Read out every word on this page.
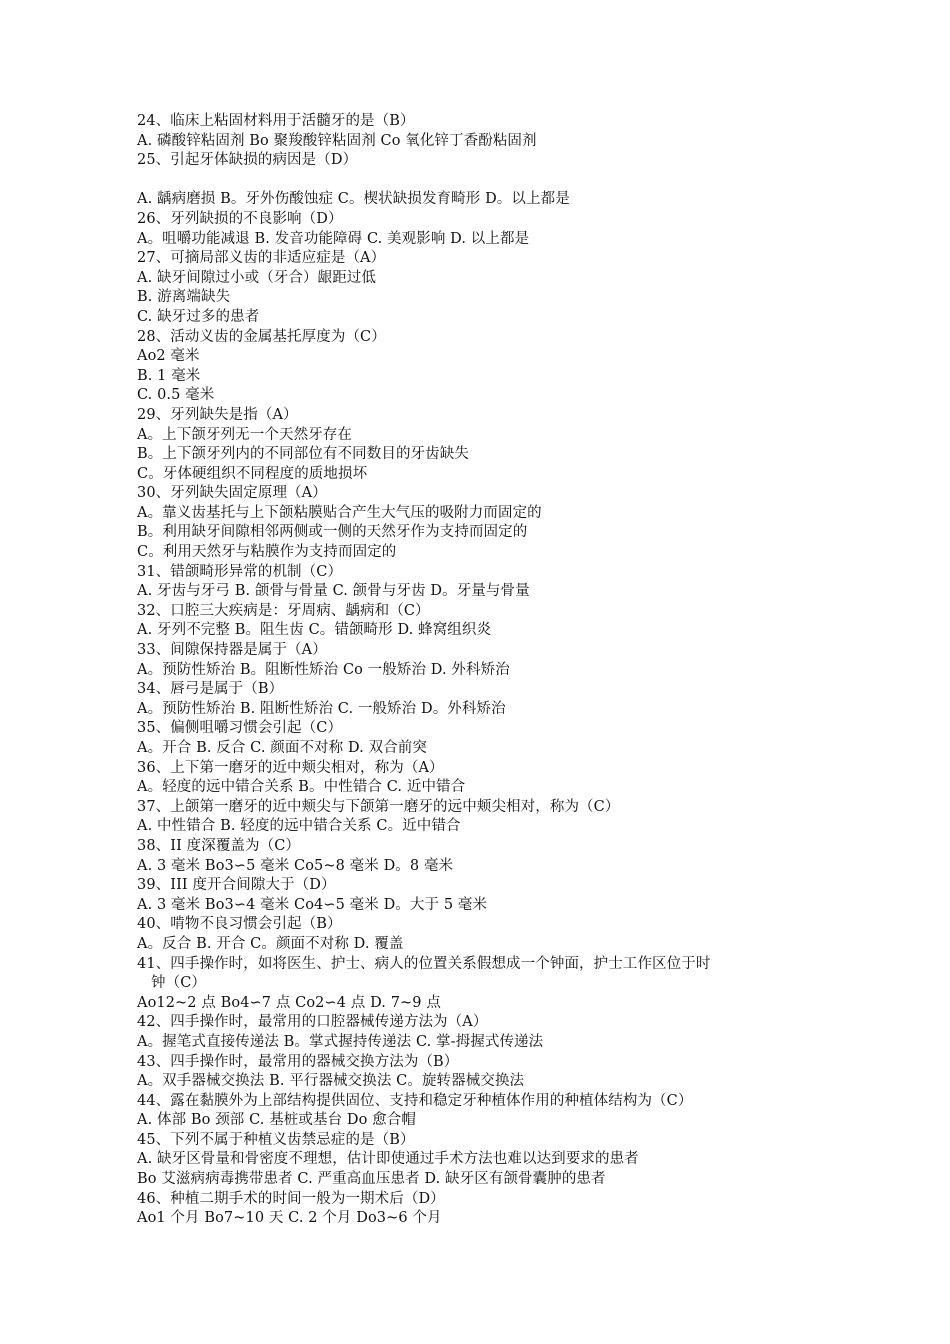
24、临床上粘固材料用于活髓牙的是（B）
A. 磷酸锌粘固剂 Bo 聚羧酸锌粘固剂 Co 氧化锌丁香酚粘固剂
25、引起牙体缺损的病因是（D）
A. 龋病磨损 B。牙外伤酸蚀症 C。楔状缺损发育畸形 D。以上都是
26、牙列缺损的不良影响（D）
A。咀嚼功能减退 B. 发音功能障碍 C. 美观影响 D. 以上都是
27、可摘局部义齿的非适应症是（A）
A. 缺牙间隙过小或（牙合）龈距过低
B. 游离端缺失
C. 缺牙过多的患者
28、活动义齿的金属基托厚度为（C）
Ao2 毫米
B. 1 毫米
C. 0.5 毫米
29、牙列缺失是指（A）
A。上下颌牙列无一个天然牙存在
B。上下颌牙列内的不同部位有不同数目的牙齿缺失
C。牙体硬组织不同程度的质地损坏
30、牙列缺失固定原理（A）
A。靠义齿基托与上下颌粘膜贴合产生大气压的吸附力而固定的
B。利用缺牙间隙相邻两侧或一侧的天然牙作为支持而固定的
C。利用天然牙与粘膜作为支持而固定的
31、错颌畸形异常的机制（C）
A. 牙齿与牙弓 B. 颌骨与骨量 C. 颌骨与牙齿 D。牙量与骨量
32、口腔三大疾病是：牙周病、龋病和（C）
A. 牙列不完整 B。阻生齿 C。错颌畸形 D. 蜂窝组织炎
33、间隙保持器是属于（A）
A。预防性矫治 B。阻断性矫治 Co 一般矫治 D. 外科矫治
34、唇弓是属于（B）
A。预防性矫治 B. 阻断性矫治 C. 一般矫治 D。外科矫治
35、偏侧咀嚼习惯会引起（C）
A。开合 B. 反合 C. 颜面不对称 D. 双合前突
36、上下第一磨牙的近中颊尖相对，称为（A）
A。轻度的远中错合关系 B。中性错合 C. 近中错合
37、上颌第一磨牙的近中颊尖与下颌第一磨牙的远中颊尖相对，称为（C）
A. 中性错合 B. 轻度的远中错合关系 C。近中错合
38、II 度深覆盖为（C）
A. 3 毫米 Bo3∽5 毫米 Co5~8 毫米 D。8 毫米
39、III 度开合间隙大于（D）
A. 3 毫米 Bo3∽4 毫米 Co4∽5 毫米 D。大于 5 毫米
40、啃物不良习惯会引起（B）
A。反合 B. 开合 C。颜面不对称 D. 覆盖
41、四手操作时，如将医生、护士、病人的位置关系假想成一个钟面，护士工作区位于时
钟（C）
Ao12~2 点 Bo4∽7 点 Co2∽4 点 D. 7~9 点
42、四手操作时，最常用的口腔器械传递方法为（A）
A。握笔式直接传递法 B。掌式握持传递法 C. 掌-拇握式传递法
43、四手操作时，最常用的器械交换方法为（B）
A。双手器械交换法 B. 平行器械交换法 C。旋转器械交换法
44、露在黏膜外为上部结构提供固位、支持和稳定牙种植体作用的种植体结构为（C）
A. 体部 Bo 颈部 C. 基桩或基台 Do 愈合帽
45、下列不属于种植义齿禁忌症的是（B）
A. 缺牙区骨量和骨密度不理想，估计即使通过手术方法也难以达到要求的患者
Bo 艾滋病病毒携带患者 C. 严重高血压患者 D. 缺牙区有颌骨囊肿的患者
46、种植二期手术的时间一般为一期术后（D）
Ao1 个月 Bo7~10 天 C. 2 个月 Do3~6 个月
